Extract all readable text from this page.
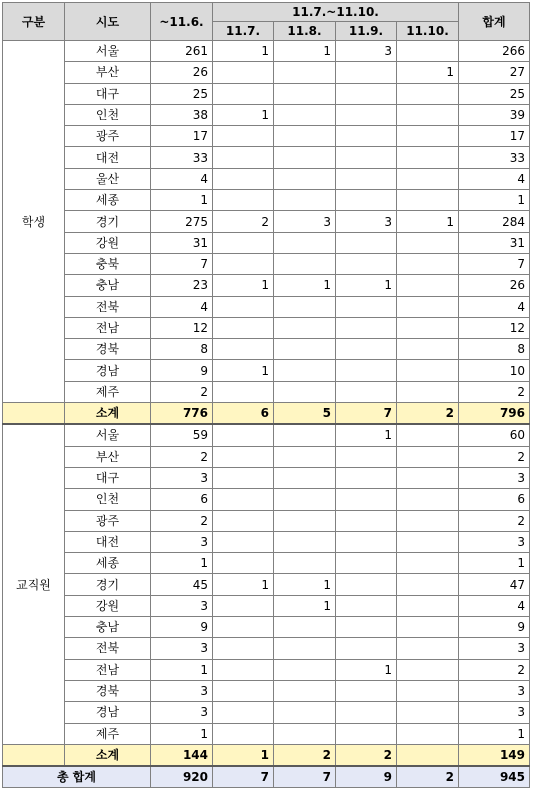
구분	시도	~11.6.	11.7.~11.10.				합계
			11.7.	11.8.	11.9.	11.10.	
학생	서울	261	1	1	3		266
	부산	26				1	27
	대구	25					25
	인천	38	1				39
	광주	17					17
	대전	33					33
	울산	4					4
	세종	1					1
	경기	275	2	3	3	1	284
	강원	31					31
	충북	7					7
	충남	23	1	1	1		26
	전북	4					4
	전남	12					12
	경북	8					8
	경남	9	1				10
	제주	2					2
	소계	776	6	5	7	2	796
교직원	서울	59			1		60
	부산	2					2
	대구	3					3
	인천	6					6
	광주	2					2
	대전	3					3
	세종	1					1
	경기	45	1	1			47
	강원	3		1			4
	충남	9					9
	전북	3					3
	전남	1			1		2
	경북	3					3
	경남	3					3
	제주	1					1
	소계	144	1	2	2		149
총 합계		920	7	7	9	2	945
